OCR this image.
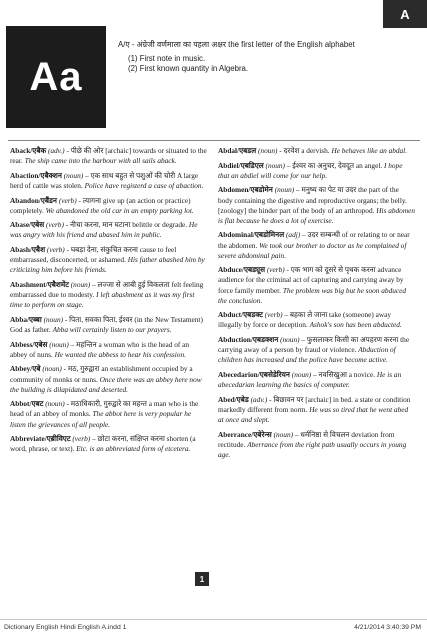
A
Aa

A/ए - अंग्रेजी वर्णमाला का पहला अक्षर the first letter of the English alphabet

(1) First note in music.

(2) First known quantity in Algebra.

Aback/एबैक (adv.) - पीछे की ओर [archaic] towards or situated to the rear. The ship came into the harbour with all sails aback.

Abaction/एबैक्शन (noun) – एक साथ बहुत से पशुओं की चोरी A large herd of cattle was stolen. Police have registerd a case of abaction.

Abandon/एबैंडन (verb) - त्यागना give up (an action or practice) completely. We abandoned the old car in an empty parking lot.

Abase/एबेस (verb) - नीचा करना, मान घटाना belittle or degrade. He was angry with his friend and abased him in public.

Abash/एबैश (verb) - घबड़ा देना, संकुचित करना cause to feel embarrassed, disconcerted, or ashamed. His father abashed him by criticizing him before his friends.

Abashment/एबैशमेंट (noun) – लज्जा से आबी हुई विकलता felt feeling embarrassed due to modesty. I left abashment as it was my first time to perform on stage.

Abba/एब्बा (noun) - पिता, सवका पिता, ईश्वर (in the New Testament) God as father. Abba will certainly listen to our prayers.

Abbess/एबेस (noun) – महन्तिन a woman who is the head of an abbey of nuns. He wanted the abbess to hear his confession.

Abbey/एबे (noun) - मठ, गुरुद्वारा an establishment occupied by a community of monks or nuns. Once there was an abbey here now the building is dilapidated and deserted.

Abbot/एबट (noun) - मठाधिकारी, गुरुद्वारे का महन्त a man who is the head of an abbey of monks. The abbot here is very popular he listen the grievances of all people.

Abbreviate/एब्रीविएट (verb) – छोटा करना, संक्षिप्त करना shorten (a word, phrase, or text). Etc. is an abbreviated form of etcetera.

Abdal/एबडल (noun) - दरवेश a dervish. He behaves like an abdal.

Abdiel/एबडिएल (noun) – ईश्वर का अनुचर, देवदूत an angel. I hope that an abdiel will come for our help.

Abdomen/एबडोमेन (noun) – मनुष्य का पेट या उदर the part of the body containing the digestive and reproductive organs; the belly. [zoology] the hinder part of the body of an arthropod. His abdomen is flat because he does a lot of exercise.

Abdominal/एबडोमिनल (adj) – उदर सम्बन्धी of or relating to or near the abdomen. We took our brother to doctor as he complained of severe abdominal pain.

Abduce/एबड्यूस (verb) - एक भाग को दूसरे से पृथक करना advance audience for the criminal act of capturing and carrying away by force family member. The problem was big but he soon abduced the conclusion.

Abduct/एबडक्ट (verb) – बहका ले जाना take (someone) away illegally by force or deception. Ashok's son has been abducted.

Abduction/एबडक्शन (noun) – फुसलाकर किसी का अपहरण करना the carrying away of a person by fraud or violence. Abduction of children has increased and the police have become active.

Abecedarion/एबसेडेरियन (noun) – नवसिखुआ a novice. He is an abecedarian learning the basics of computer.

Abed/एबेड (adv.) - बिछावन पर [archaic] in bed. a state or condition markedly different from norm. He was so tired that he went abed at once and slept.

Aberrance/एबेरेन्स (noun) – धर्मनिष्ठा से विचलन deviation from rectitude. Aberrance from the right path usually occurs in young age.

1
Dictionary English Hindi English A.indd 1	4/21/2014 3:40:39 PM
